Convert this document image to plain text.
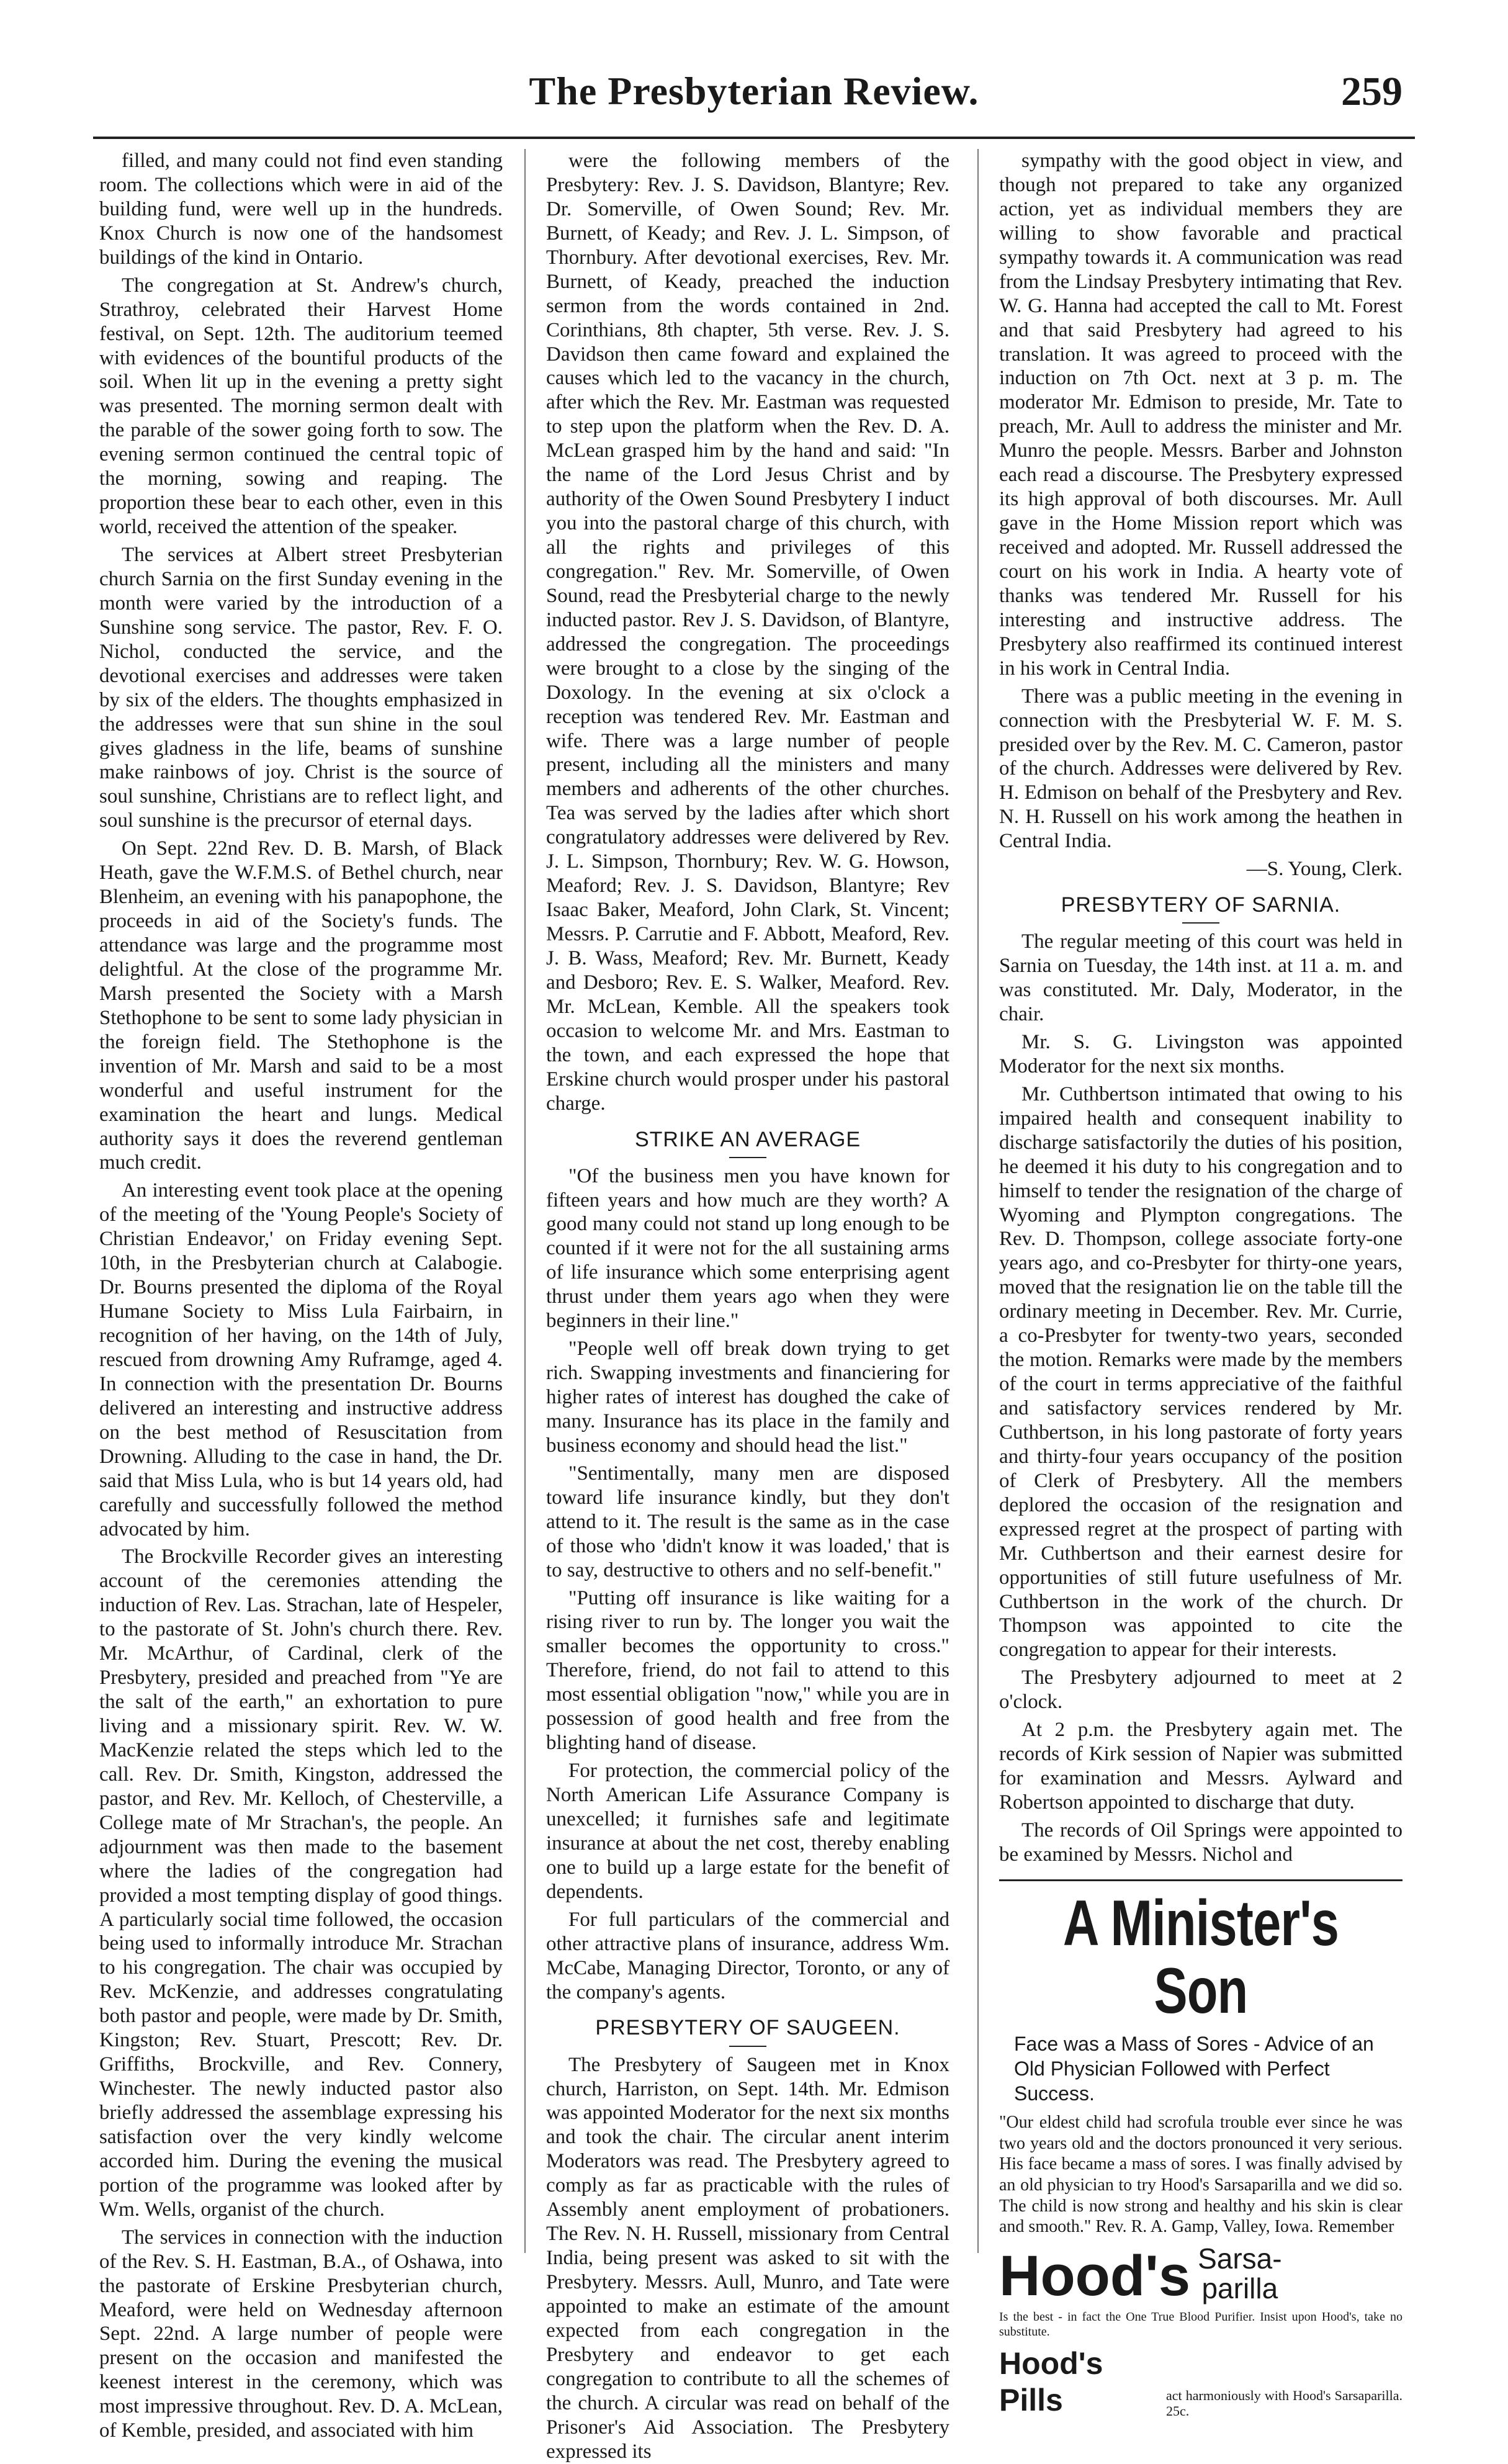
The Presbyterian Review.	259

filled, and many could not find even standing room. The collections which were in aid of the building fund, were well up in the hundreds. Knox Church is now one of the handsomest buildings of the kind in Ontario.

The congregation at St. Andrew's church, Strathroy, celebrated their Harvest Home festival, on Sept. 12th. The auditorium teemed with evidences of the bountiful products of the soil. When lit up in the evening a pretty sight was presented. The morning sermon dealt with the parable of the sower going forth to sow. The evening sermon continued the central topic of the morning, sowing and reaping. The proportion these bear to each other, even in this world, received the attention of the speaker.

The services at Albert street Presbyterian church Sarnia on the first Sunday evening in the month were varied by the introduction of a Sunshine song service. The pastor, Rev. F. O. Nichol, conducted the service, and the devotional exercises and addresses were taken by six of the elders. The thoughts emphasized in the addresses were that sun shine in the soul gives gladness in the life, beams of sunshine make rainbows of joy. Christ is the source of soul sunshine, Christians are to reflect light, and soul sunshine is the precursor of eternal days.

On Sept. 22nd Rev. D. B. Marsh, of Black Heath, gave the W.F.M.S. of Bethel church, near Blenheim, an evening with his panapophone, the proceeds in aid of the Society's funds. The attendance was large and the programme most delightful. At the close of the programme Mr. Marsh presented the Society with a Marsh Stethophone to be sent to some lady physician in the foreign field. The Stethophone is the invention of Mr. Marsh and said to be a most wonderful and useful instrument for the examination the heart and lungs. Medical authority says it does the reverend gentleman much credit.

An interesting event took place at the opening of the meeting of the 'Young People's Society of Christian Endeavor,' on Friday evening Sept. 10th, in the Presbyterian church at Calabogie. Dr. Bourns presented the diploma of the Royal Humane Society to Miss Lula Fairbairn, in recognition of her having, on the 14th of July, rescued from drowning Amy Ruframge, aged 4. In connection with the presentation Dr. Bourns delivered an interesting and instructive address on the best method of Resuscitation from Drowning. Alluding to the case in hand, the Dr. said that Miss Lula, who is but 14 years old, had carefully and successfully followed the method advocated by him.

The Brockville Recorder gives an interesting account of the ceremonies attending the induction of Rev. Las. Strachan, late of Hespeler, to the pastorate of St. John's church there. Rev. Mr. McArthur, of Cardinal, clerk of the Presbytery, presided and preached from "Ye are the salt of the earth," an exhortation to pure living and a missionary spirit. Rev. W. W. MacKenzie related the steps which led to the call. Rev. Dr. Smith, Kingston, addressed the pastor, and Rev. Mr. Kelloch, of Chesterville, a College mate of Mr Strachan's, the people. An adjournment was then made to the basement where the ladies of the congregation had provided a most tempting display of good things. A particularly social time followed, the occasion being used to informally introduce Mr. Strachan to his congregation. The chair was occupied by Rev. McKenzie, and addresses congratulating both pastor and people, were made by Dr. Smith, Kingston; Rev. Stuart, Prescott; Rev. Dr. Griffiths, Brockville, and Rev. Connery, Winchester. The newly inducted pastor also briefly addressed the assemblage expressing his satisfaction over the very kindly welcome accorded him. During the evening the musical portion of the programme was looked after by Wm. Wells, organist of the church.

The services in connection with the induction of the Rev. S. H. Eastman, B.A., of Oshawa, into the pastorate of Erskine Presbyterian church, Meaford, were held on Wednesday afternoon Sept. 22nd. A large number of people were present on the occasion and manifested the keenest interest in the ceremony, which was most impressive throughout. Rev. D. A. McLean, of Kemble, presided, and associated with him

were the following members of the Presbytery: Rev. J. S. Davidson, Blantyre; Rev. Dr. Somerville, of Owen Sound; Rev. Mr. Burnett, of Keady; and Rev. J. L. Simpson, of Thornbury. After devotional exercises, Rev. Mr. Burnett, of Keady, preached the induction sermon from the words contained in 2nd. Corinthians, 8th chapter, 5th verse. Rev. J. S. Davidson then came foward and explained the causes which led to the vacancy in the church, after which the Rev. Mr. Eastman was requested to step upon the platform when the Rev. D. A. McLean grasped him by the hand and said: "In the name of the Lord Jesus Christ and by authority of the Owen Sound Presbytery I induct you into the pastoral charge of this church, with all the rights and privileges of this congregation." Rev. Mr. Somerville, of Owen Sound, read the Presbyterial charge to the newly inducted pastor. Rev J. S. Davidson, of Blantyre, addressed the congregation. The proceedings were brought to a close by the singing of the Doxology. In the evening at six o'clock a reception was tendered Rev. Mr. Eastman and wife. There was a large number of people present, including all the ministers and many members and adherents of the other churches. Tea was served by the ladies after which short congratulatory addresses were delivered by Rev. J. L. Simpson, Thornbury; Rev. W. G. Howson, Meaford; Rev. J. S. Davidson, Blantyre; Rev Isaac Baker, Meaford, John Clark, St. Vincent; Messrs. P. Carrutie and F. Abbott, Meaford, Rev. J. B. Wass, Meaford; Rev. Mr. Burnett, Keady and Desboro; Rev. E. S. Walker, Meaford. Rev. Mr. McLean, Kemble. All the speakers took occasion to welcome Mr. and Mrs. Eastman to the town, and each expressed the hope that Erskine church would prosper under his pastoral charge.

STRIKE AN AVERAGE

"Of the business men you have known for fifteen years and how much are they worth? A good many could not stand up long enough to be counted if it were not for the all sustaining arms of life insurance which some enterprising agent thrust under them years ago when they were beginners in their line."

"People well off break down trying to get rich. Swapping investments and financiering for higher rates of interest has doughed the cake of many. Insurance has its place in the family and business economy and should head the list."

"Sentimentally, many men are disposed toward life insurance kindly, but they don't attend to it. The result is the same as in the case of those who 'didn't know it was loaded,' that is to say, destructive to others and no self-benefit."

"Putting off insurance is like waiting for a rising river to run by. The longer you wait the smaller becomes the opportunity to cross." Therefore, friend, do not fail to attend to this most essential obligation "now," while you are in possession of good health and free from the blighting hand of disease.

For protection, the commercial policy of the North American Life Assurance Company is unexcelled; it furnishes safe and legitimate insurance at about the net cost, thereby enabling one to build up a large estate for the benefit of dependents.

For full particulars of the commercial and other attractive plans of insurance, address Wm. McCabe, Managing Director, Toronto, or any of the company's agents.

PRESBYTERY OF SAUGEEN.

The Presbytery of Saugeen met in Knox church, Harriston, on Sept. 14th. Mr. Edmison was appointed Moderator for the next six months and took the chair. The circular anent interim Moderators was read. The Presbytery agreed to comply as far as practicable with the rules of Assembly anent employment of probationers. The Rev. N. H. Russell, missionary from Central India, being present was asked to sit with the Presbytery. Messrs. Aull, Munro, and Tate were appointed to make an estimate of the amount expected from each congregation in the Presbytery and endeavor to get each congregation to contribute to all the schemes of the church. A circular was read on behalf of the Prisoner's Aid Association. The Presbytery expressed its

sympathy with the good object in view, and though not prepared to take any organized action, yet as individual members they are willing to show favorable and practical sympathy towards it. A communication was read from the Lindsay Presbytery intimating that Rev. W. G. Hanna had accepted the call to Mt. Forest and that said Presbytery had agreed to his translation. It was agreed to proceed with the induction on 7th Oct. next at 3 p. m. The moderator Mr. Edmison to preside, Mr. Tate to preach, Mr. Aull to address the minister and Mr. Munro the people. Messrs. Barber and Johnston each read a discourse. The Presbytery expressed its high approval of both discourses. Mr. Aull gave in the Home Mission report which was received and adopted. Mr. Russell addressed the court on his work in India. A hearty vote of thanks was tendered Mr. Russell for his interesting and instructive address. The Presbytery also reaffirmed its continued interest in his work in Central India.

There was a public meeting in the evening in connection with the Presbyterial W. F. M. S. presided over by the Rev. M. C. Cameron, pastor of the church. Addresses were delivered by Rev. H. Edmison on behalf of the Presbytery and Rev. N. H. Russell on his work among the heathen in Central India.

—S. Young, Clerk.

PRESBYTERY OF SARNIA.

The regular meeting of this court was held in Sarnia on Tuesday, the 14th inst. at 11 a. m. and was constituted. Mr. Daly, Moderator, in the chair.

Mr. S. G. Livingston was appointed Moderator for the next six months.

Mr. Cuthbertson intimated that owing to his impaired health and consequent inability to discharge satisfactorily the duties of his position, he deemed it his duty to his congregation and to himself to tender the resignation of the charge of Wyoming and Plympton congregations. The Rev. D. Thompson, college associate forty-one years ago, and co-Presbyter for thirty-one years, moved that the resignation lie on the table till the ordinary meeting in December. Rev. Mr. Currie, a co-Presbyter for twenty-two years, seconded the motion. Remarks were made by the members of the court in terms appreciative of the faithful and satisfactory services rendered by Mr. Cuthbertson, in his long pastorate of forty years and thirty-four years occupancy of the position of Clerk of Presbytery. All the members deplored the occasion of the resignation and expressed regret at the prospect of parting with Mr. Cuthbertson and their earnest desire for opportunities of still future usefulness of Mr. Cuthbertson in the work of the church. Dr Thompson was appointed to cite the congregation to appear for their interests.

The Presbytery adjourned to meet at 2 o'clock.

At 2 p.m. the Presbytery again met. The records of Kirk session of Napier was submitted for examination and Messrs. Aylward and Robertson appointed to discharge that duty.

The records of Oil Springs were appointed to be examined by Messrs. Nichol and

A Minister's Son
Face was a Mass of Sores - Advice of an Old Physician Followed with Perfect Success.
"Our eldest child had scrofula trouble ever since he was two years old and the doctors pronounced it very serious. His face became a mass of sores. I was finally advised by an old physician to try Hood's Sarsaparilla and we did so. The child is now strong and healthy and his skin is clear and smooth." Rev. R. A. Gamp, Valley, Iowa. Remember
Hood's Sarsa-
parilla
Is the best - in fact the One True Blood Purifier. Insist upon Hood's, take no substitute.
Hood's Pills	act harmoniously with Hood's Sarsaparilla. 25c.
